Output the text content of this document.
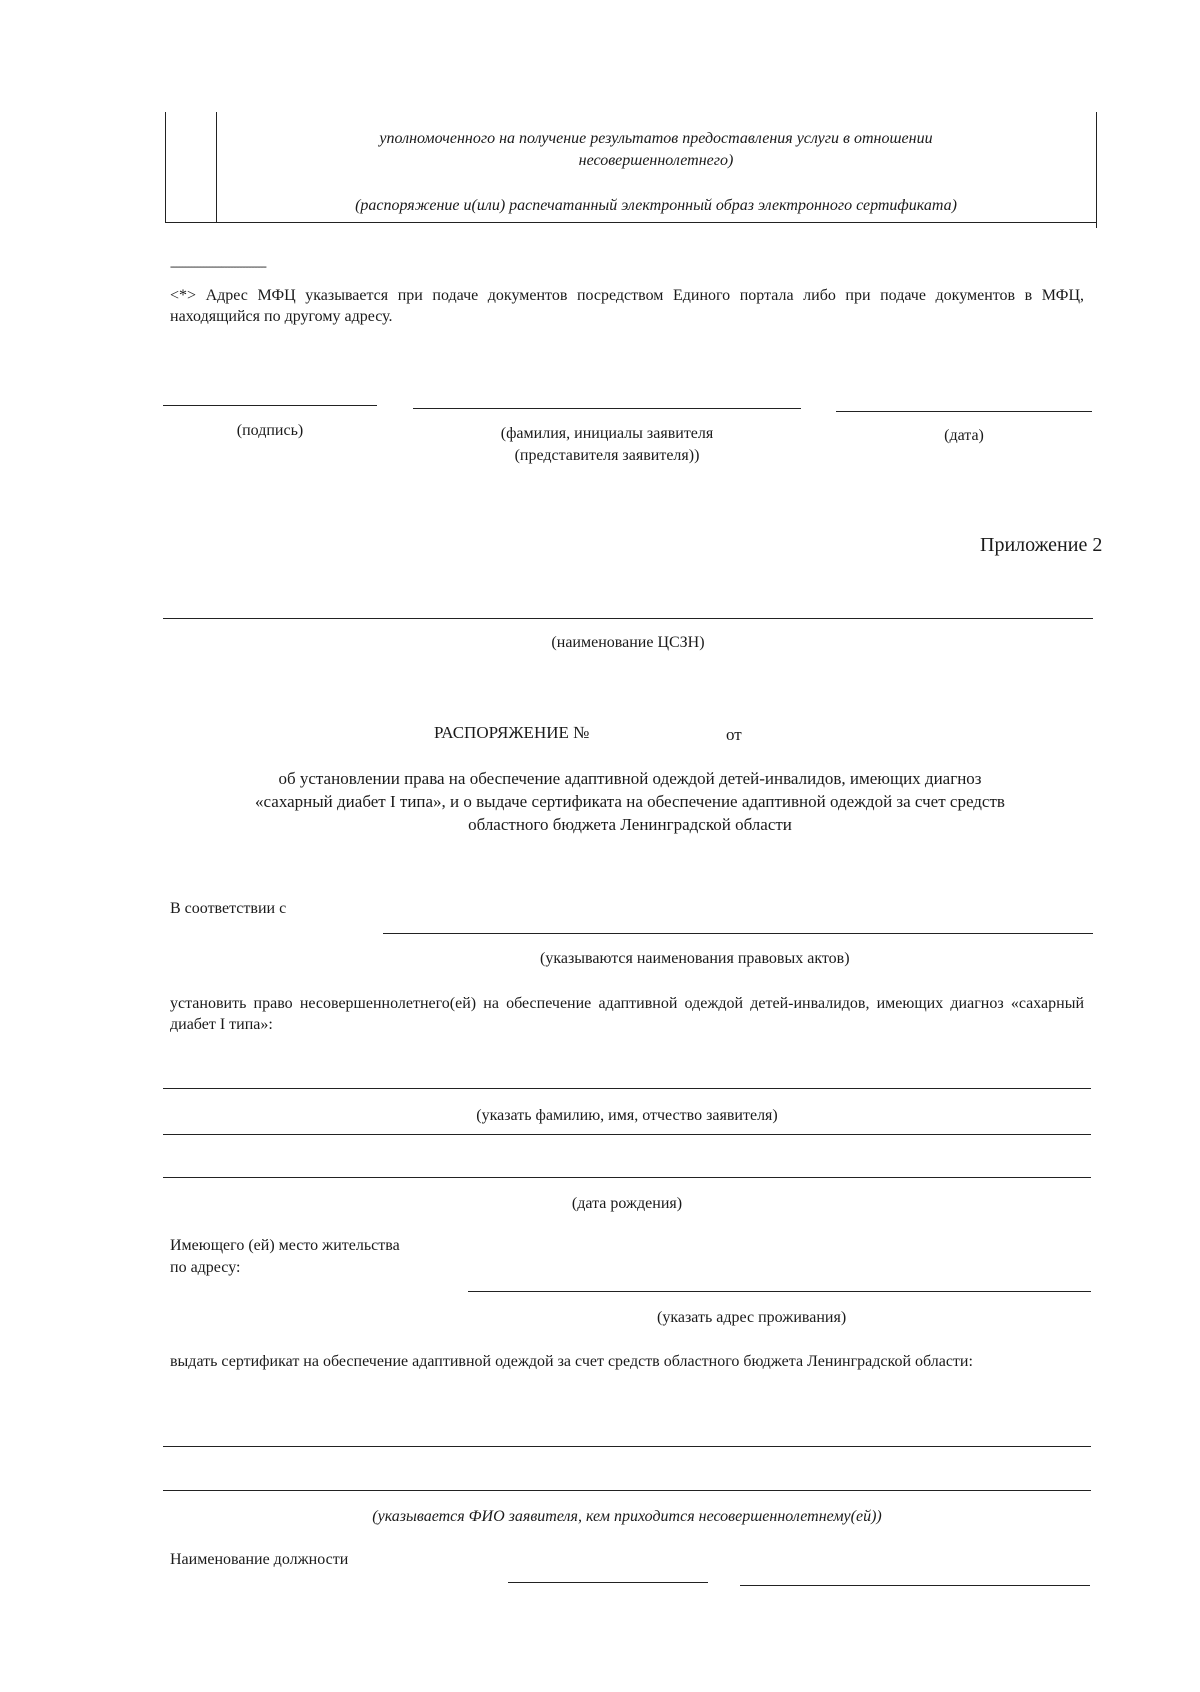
уполномоченного на получение результатов предоставления услуги в отношении
несовершеннолетнего)
(распоряжение и(или) распечатанный электронный образ электронного сертификата)
--------------------------------
<*> Адрес МФЦ указывается при подаче документов посредством Единого портала либо при подаче документов в МФЦ, находящийся по другому адресу.
(подпись)	(фамилия, инициалы заявителя
(представителя заявителя))
(дата)
Приложение 2
(наименование ЦСЗН)
РАСПОРЯЖЕНИЕ №	от
об установлении права на обеспечение адаптивной одеждой детей-инвалидов, имеющих диагноз
«сахарный диабет I типа», и о выдаче сертификата на обеспечение адаптивной одеждой за счет средств
областного бюджета Ленинградской области
В соответствии с
(указываются наименования правовых актов)
установить право несовершеннолетнего(ей) на обеспечение адаптивной одеждой детей-инвалидов, имеющих диагноз «сахарный диабет I типа»:
(указать фамилию, имя, отчество заявителя)
(дата рождения)
Имеющего (ей) место жительства
по адресу:
(указать адрес проживания)
выдать сертификат на обеспечение адаптивной одеждой за счет средств областного бюджета Ленинградской области:
(указывается ФИО заявителя, кем приходится несовершеннолетнему(ей))
Наименование должности
